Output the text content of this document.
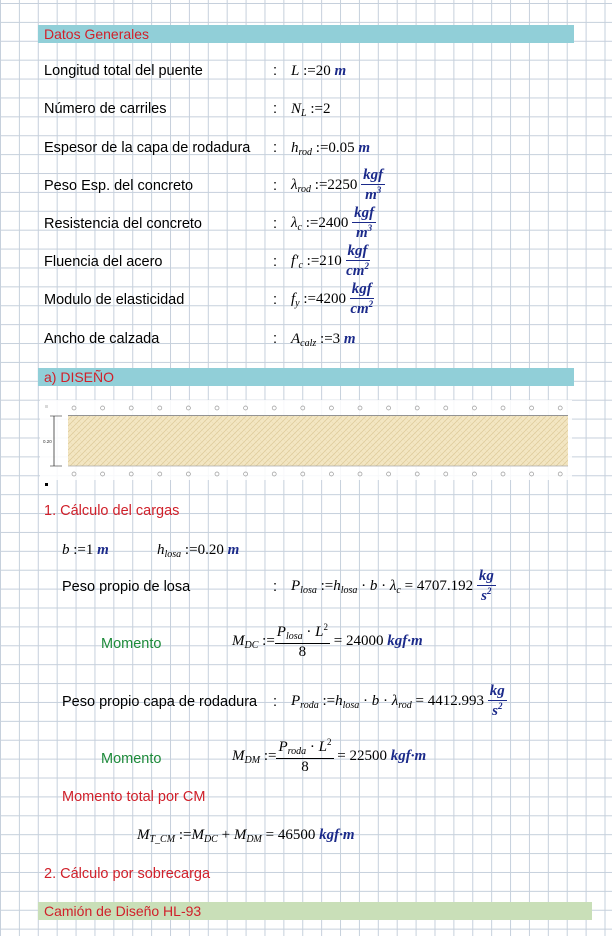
Datos Generales
Longitud total del puente	: L :=20 m
Número de carriles	: $N_L$ :=2
Espesor de la capa de rodadura : $h_{rod}$ :=0.05 m
Peso Esp. del concreto	: $\lambda_{rod}$ :=2250 $\frac{\text{kgf}}{m^3}$
Resistencia del concreto	: $\lambda_c$ :=2400 $\frac{\text{kgf}}{m^3}$
Fluencia del acero	: $f'_c$ :=210 $\frac{\text{kgf}}{cm^2}$
Modulo de elasticidad	: $f_y$ :=4200 $\frac{\text{kgf}}{cm^2}$
Ancho de calzada	: $A_{calz}$ :=3 m
a) DISEÑO
0.20
1. Cálculo del cargas
b :=1 m	$h_{losa}$ :=0.20 m
Peso propio de losa	: $P_{losa}$ $:=h_{losa} \cdot b \cdot \lambda_c = 4707.192 \frac{kg}{s^2}$
Momento	$M_{DC}$ := $\frac{P_{losa} \cdot L^2}{8} = 24000$ kgf·m
Peso propio capa de rodadura : $P_{roda}$ $:=h_{losa} \cdot b \cdot \lambda_{rod} = 4412.993 \frac{kg}{s^2}$
Momento	$M_{DM}$ := $\frac{P_{roda} \cdot L^2}{8} = 22500$ kgf·m
Momento total por CM
$M_{T\_CM}$ $:=M_{DC} + M_{DM} = 46500$ kgf·m
2. Cálculo por sobrecarga
Camión de Diseño HL-93
